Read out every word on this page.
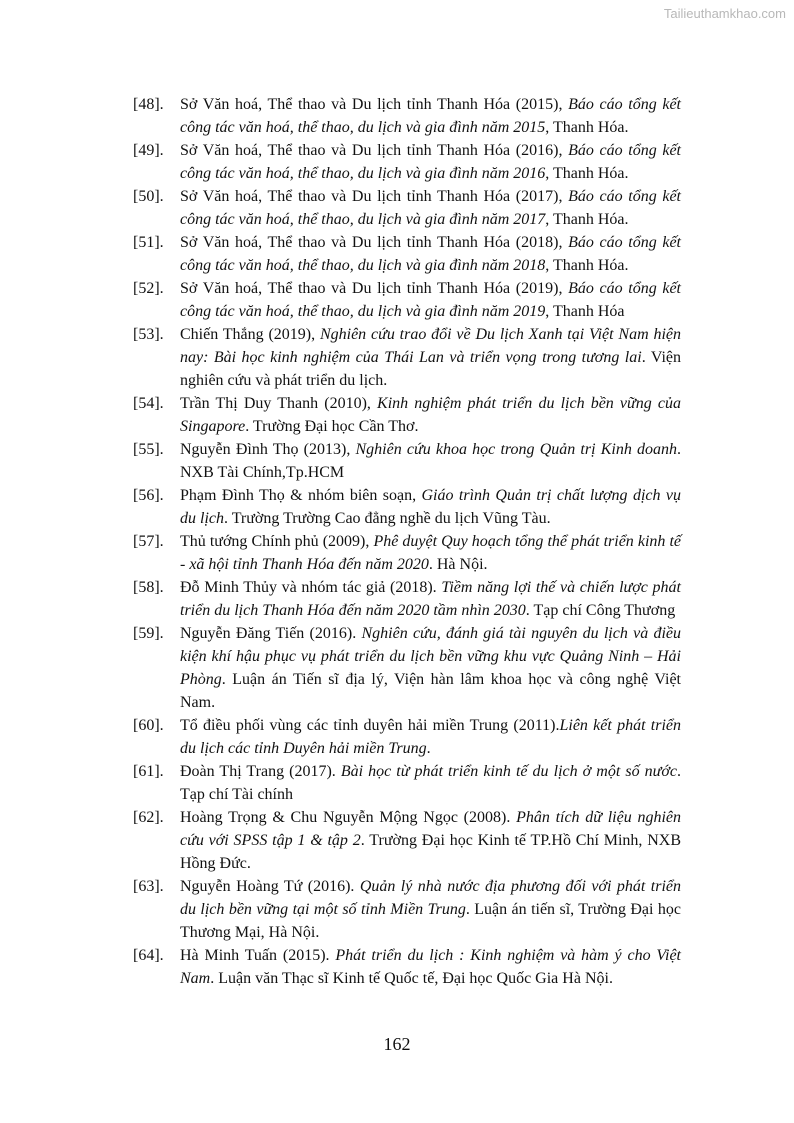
Tailieuthamkhao.com
[48].	Sở Văn hoá, Thể thao và Du lịch tỉnh Thanh Hóa (2015), Báo cáo tổng kết công tác văn hoá, thể thao, du lịch và gia đình năm 2015, Thanh Hóa.
[49].	Sở Văn hoá, Thể thao và Du lịch tỉnh Thanh Hóa (2016), Báo cáo tổng kết công tác văn hoá, thể thao, du lịch và gia đình năm 2016, Thanh Hóa.
[50].	Sở Văn hoá, Thể thao và Du lịch tỉnh Thanh Hóa (2017), Báo cáo tổng kết công tác văn hoá, thể thao, du lịch và gia đình năm 2017, Thanh Hóa.
[51].	Sở Văn hoá, Thể thao và Du lịch tỉnh Thanh Hóa (2018), Báo cáo tổng kết công tác văn hoá, thể thao, du lịch và gia đình năm 2018, Thanh Hóa.
[52].	Sở Văn hoá, Thể thao và Du lịch tỉnh Thanh Hóa (2019), Báo cáo tổng kết công tác văn hoá, thể thao, du lịch và gia đình năm 2019, Thanh Hóa
[53].	Chiến Thắng (2019), Nghiên cứu trao đổi về Du lịch Xanh tại Việt Nam hiện nay: Bài học kinh nghiệm của Thái Lan và triển vọng trong tương lai. Viện nghiên cứu và phát triển du lịch.
[54].	Trần Thị Duy Thanh (2010), Kinh nghiệm phát triển du lịch bền vững của Singapore. Trường Đại học Cần Thơ.
[55].	Nguyễn Đình Thọ (2013), Nghiên cứu khoa học trong Quản trị Kinh doanh. NXB Tài Chính,Tp.HCM
[56].	Phạm Đình Thọ & nhóm biên soạn, Giáo trình Quản trị chất lượng dịch vụ du lịch. Trường Trường Cao đẳng nghề du lịch Vũng Tàu.
[57].	Thủ tướng Chính phủ (2009), Phê duyệt Quy hoạch tổng thể phát triển kinh tế - xã hội tỉnh Thanh Hóa đến năm 2020. Hà Nội.
[58].	Đỗ Minh Thủy và nhóm tác giả (2018). Tiềm năng lợi thế và chiến lược phát triển du lịch Thanh Hóa đến năm 2020 tầm nhìn 2030. Tạp chí Công Thương
[59].	Nguyễn Đăng Tiến (2016). Nghiên cứu, đánh giá tài nguyên du lịch và điều kiện khí hậu phục vụ phát triển du lịch bền vững khu vực Quảng Ninh – Hải Phòng. Luận án Tiến sĩ địa lý, Viện hàn lâm khoa học và công nghệ Việt Nam.
[60].	Tổ điều phối vùng các tỉnh duyên hải miền Trung (2011).Liên kết phát triển du lịch các tỉnh Duyên hải miền Trung.
[61].	Đoàn Thị Trang (2017). Bài học từ phát triển kinh tế du lịch ở một số nước. Tạp chí Tài chính
[62].	Hoàng Trọng & Chu Nguyễn Mộng Ngọc (2008). Phân tích dữ liệu nghiên cứu với SPSS tập 1 & tập 2. Trường Đại học Kinh tế TP.Hồ Chí Minh, NXB Hồng Đức.
[63].	Nguyễn Hoàng Tứ (2016). Quản lý nhà nước địa phương đối với phát triển du lịch bền vững tại một số tỉnh Miền Trung. Luận án tiến sĩ, Trường Đại học Thương Mại, Hà Nội.
[64].	Hà Minh Tuấn (2015). Phát triển du lịch : Kinh nghiệm và hàm ý cho Việt Nam. Luận văn Thạc sĩ Kinh tế Quốc tế, Đại học Quốc Gia Hà Nội.
162
